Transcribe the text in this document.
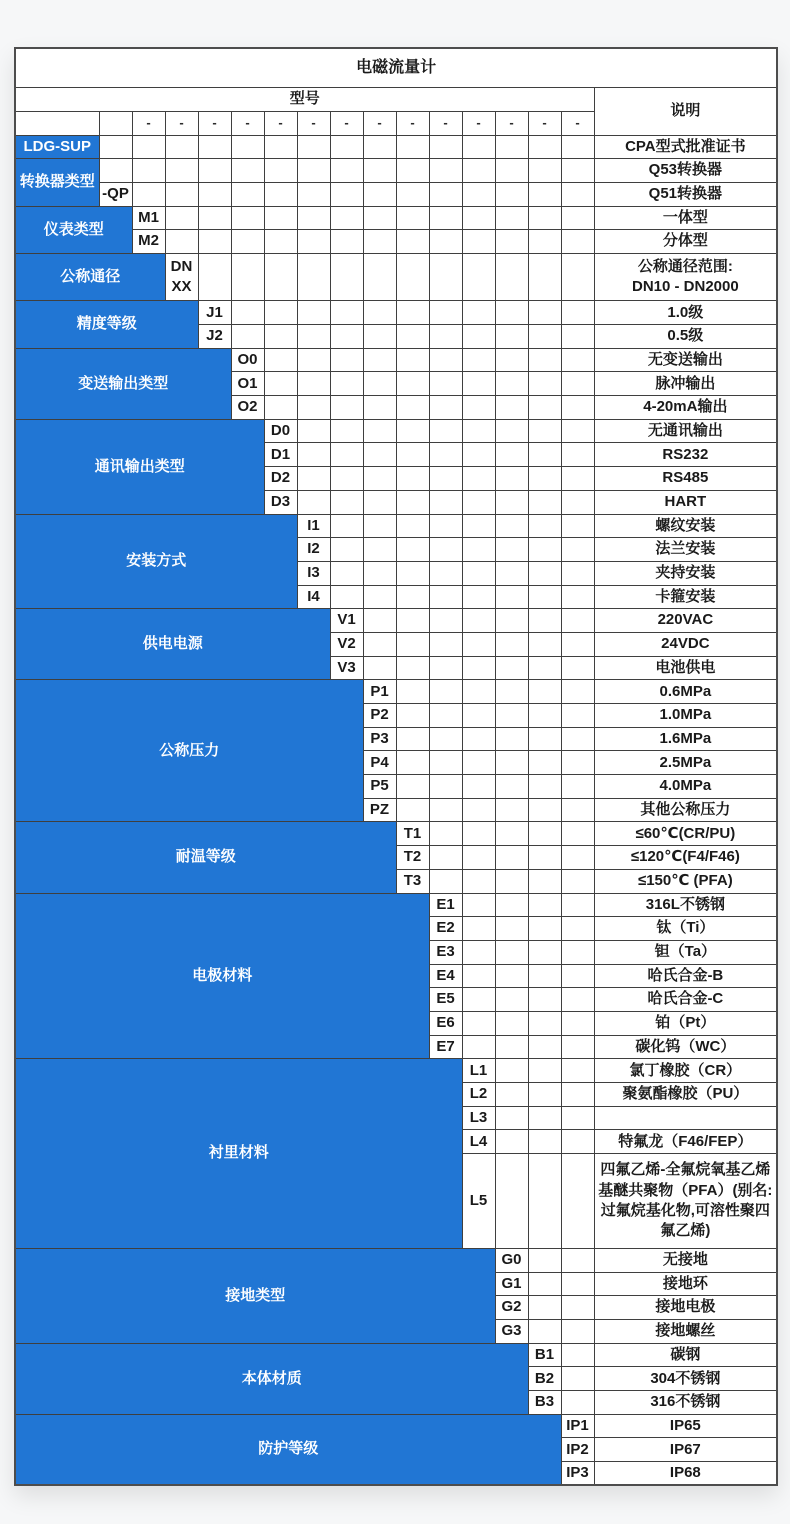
电磁流量计																
型号																说明
		-	-	-	-	-	-	-	-	-	-	-	-	-	-	
LDG-SUP																CPA型式批准证书
转换器类型																Q53转换器
	-QP															Q51转换器
仪表类型		M1														一体型
		M2														分体型
公称通径			DNXX													公称通径范围:
DN10 - DN2000
精度等级				J1												1.0级
				J2												0.5级
变送输出类型					O0											无变送输出
					O1											脉冲输出
					O2											4-20mA输出
通讯输出类型						D0										无通讯输出
						D1										RS232
						D2										RS485
						D3										HART
安装方式							I1									螺纹安装
							I2									法兰安装
							I3									夹持安装
							I4									卡箍安装
供电电源								V1								220VAC
								V2								24VDC
								V3								电池供电
公称压力									P1							0.6MPa
									P2							1.0MPa
									P3							1.6MPa
									P4							2.5MPa
									P5							4.0MPa
									PZ							其他公称压力
耐温等级										T1						≤60℃(CR/PU)
										T2						≤120℃(F4/F46)
										T3						≤150℃ (PFA)
电极材料											E1					316L不锈钢
											E2					钛（Ti）
											E3					钽（Ta）
											E4					哈氏合金-B
											E5					哈氏合金-C
											E6					铂（Pt）
											E7					碳化钨（WC）
衬里材料												L1				氯丁橡胶（CR）
												L2				聚氨酯橡胶（PU）
												L3				
												L4				特氟龙（F46/FEP）
												L5				四氟乙烯-全氟烷氧基乙烯基醚共聚物（PFA）(别名:过氟烷基化物,可溶性聚四氟乙烯)
接地类型													G0			无接地
													G1			接地环
													G2			接地电极
													G3			接地螺丝
本体材质														B1		碳钢
														B2		304不锈钢
														B3		316不锈钢
防护等级															IP1	IP65
															IP2	IP67
															IP3	IP68
